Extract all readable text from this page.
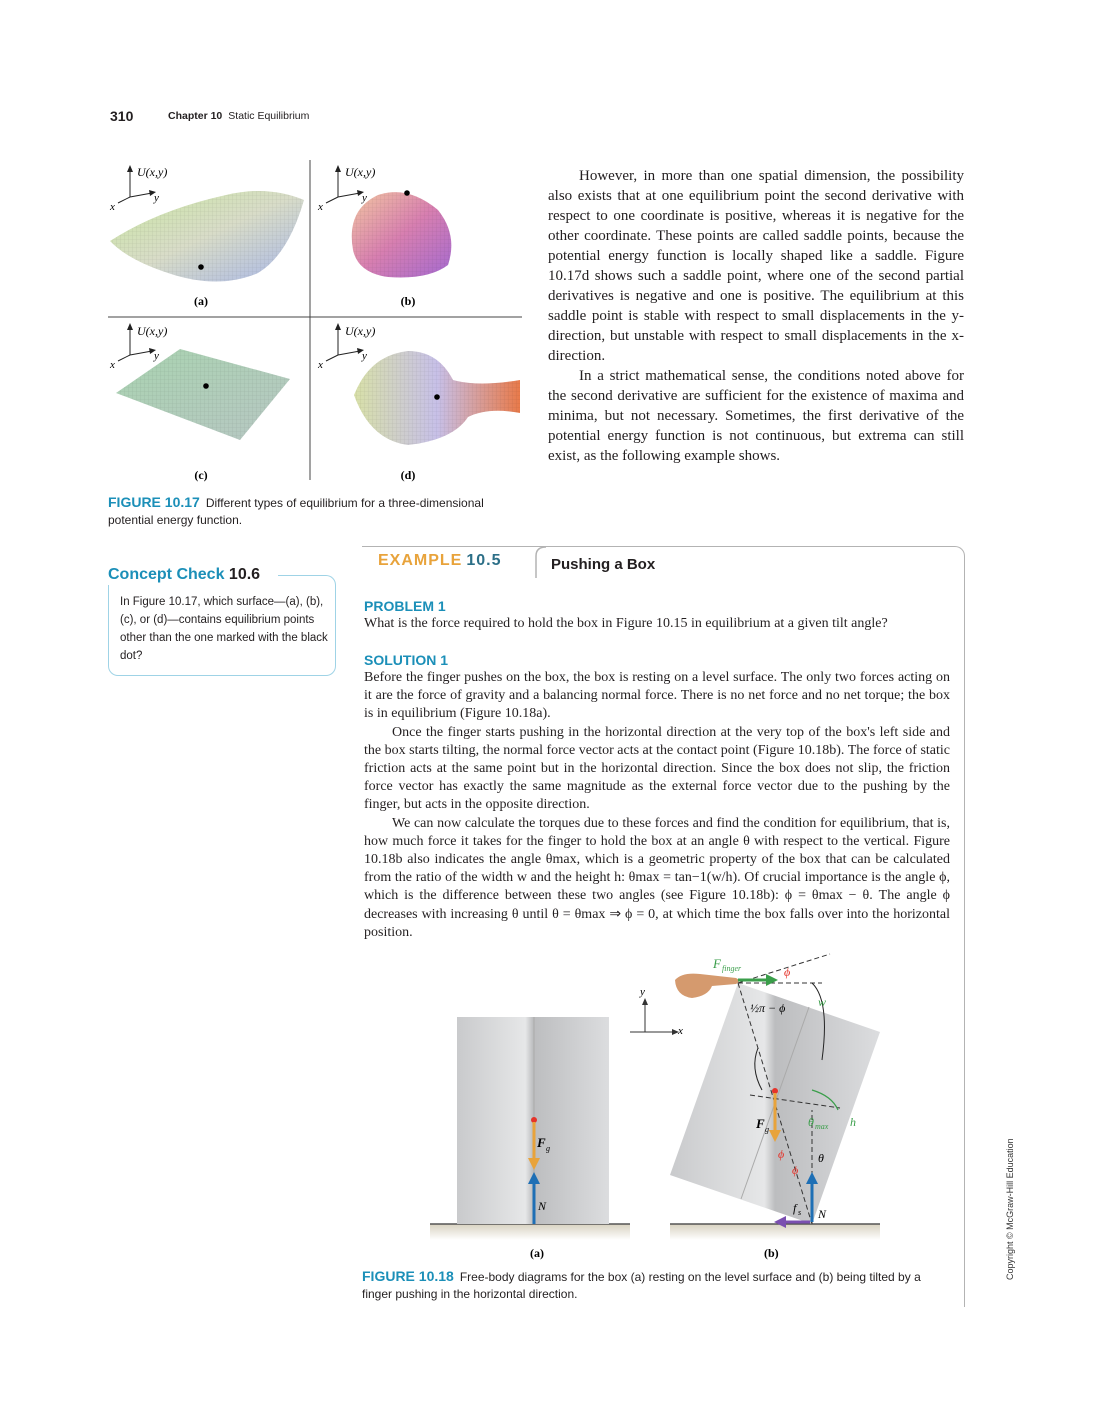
310	Chapter 10 Static Equilibrium
U(x,y)
x
y
(a)
U(x,y)
x
y
(b)
U(x,y)
x
y
(c)
U(x,y)
x
y
(d)
FIGURE 10.17 Different types of equilibrium for a three-dimensional potential energy function.

However, in more than one spatial dimension, the possibility also exists that at one equilibrium point the second derivative with respect to one coordinate is positive, whereas it is negative for the other coordinate. These points are called saddle points, because the potential energy function is locally shaped like a saddle. Figure 10.17d shows such a saddle point, where one of the second partial derivatives is negative and one is positive. The equilibrium at this saddle point is stable with respect to small displacements in the y-direction, but unstable with respect to small displacements in the x-direction.

In a strict mathematical sense, the conditions noted above for the second derivative are sufficient for the existence of maxima and minima, but not necessary. Sometimes, the first derivative of the potential energy function is not continuous, but extrema can still exist, as the following example shows.

Concept Check 10.6
In Figure 10.17, which surface—(a), (b), (c), or (d)—contains equilibrium points other than the one marked with the black dot?
EXAMPLE 10.5	Pushing a Box
PROBLEM 1
What is the force required to hold the box in Figure 10.15 in equilibrium at a given tilt angle?
SOLUTION 1

Before the finger pushes on the box, the box is resting on a level surface. The only two forces acting on it are the force of gravity and a balancing normal force. There is no net force and no net torque; the box is in equilibrium (Figure 10.18a).

Once the finger starts pushing in the horizontal direction at the very top of the box's left side and the box starts tilting, the normal force vector acts at the contact point (Figure 10.18b). The force of static friction acts at the same point but in the horizontal direction. Since the box does not slip, the friction force vector has exactly the same magnitude as the external force vector due to the pushing by the finger, but acts in the opposite direction.

We can now calculate the torques due to these forces and find the condition for equilibrium, that is, how much force it takes for the finger to hold the box at an angle θ with respect to the vertical. Figure 10.18b also indicates the angle θmax, which is a geometric property of the box that can be calculated from the ratio of the width w and the height h: θmax = tan−1(w/h). Of crucial importance is the angle ϕ, which is the difference between these two angles (see Figure 10.18b): ϕ = θmax − θ. The angle ϕ decreases with increasing θ until θ = θmax ⇒ ϕ = 0, at which time the box falls over into the horizontal position.

F g
N
(a)
y
x
F finger	ϕ
½π − ϕ	w
h
θ max
θ
ϕ
ϕ
F g
N
f s
(b)
FIGURE 10.18 Free-body diagrams for the box (a) resting on the level surface and (b) being tilted by a finger pushing in the horizontal direction.
Copyright © McGraw-Hill Education
